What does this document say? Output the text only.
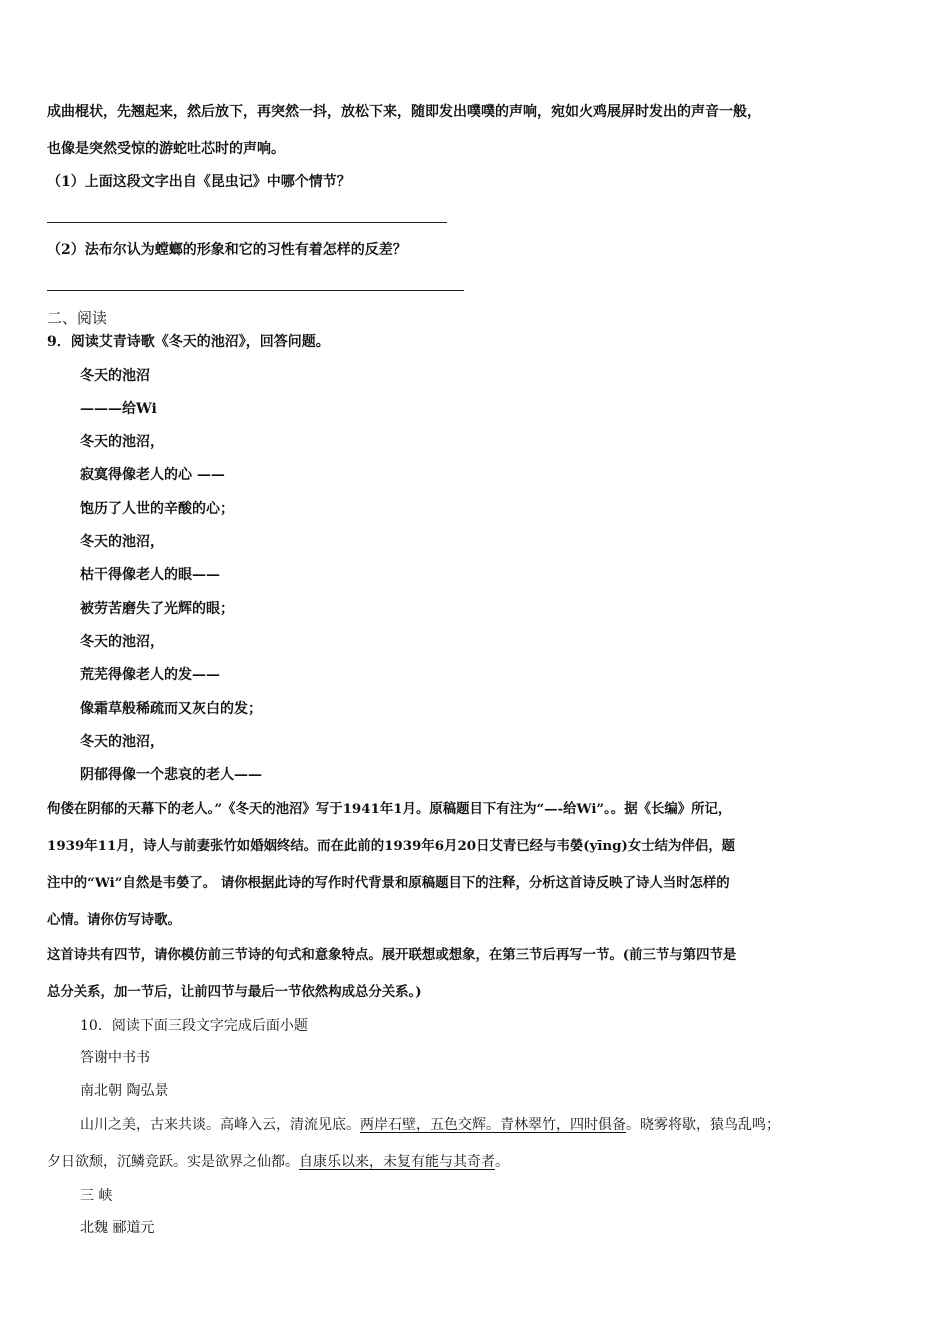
成曲棍状，先翘起来，然后放下，再突然一抖，放松下来，随即发出噗噗的声响，宛如火鸡展屏时发出的声音一般，
也像是突然受惊的游蛇吐芯时的声响。
（1）上面这段文字出自《昆虫记》中哪个情节？
（2）法布尔认为螳螂的形象和它的习性有着怎样的反差？
二、阅读
9．阅读艾青诗歌《冬天的池沼》，回答问题。
冬天的池沼
———给Wi
冬天的池沼，
寂寞得像老人的心 ——
饱历了人世的辛酸的心；
冬天的池沼，
枯干得像老人的眼——
被劳苦磨失了光辉的眼；
冬天的池沼，
荒芜得像老人的发——
像霜草般稀疏而又灰白的发；
冬天的池沼，
阴郁得像一个悲哀的老人——
佝偻在阴郁的天幕下的老人。”《冬天的池沼》写于1941年1月。原稿题目下有注为“—-给Wi”。。据《长编》所记，
1939年11月，诗人与前妻张竹如婚姻终结。而在此前的1939年6月20日艾青已经与韦嫈(yīng)女士结为伴侣，题
注中的“Wi”自然是韦嫈了。 请你根据此诗的写作时代背景和原稿题目下的注释，分析这首诗反映了诗人当时怎样的
心情。请你仿写诗歌。
这首诗共有四节，请你模仿前三节诗的句式和意象特点。展开联想或想象，在第三节后再写一节。(前三节与第四节是
总分关系，加一节后，让前四节与最后一节依然构成总分关系。)
10．阅读下面三段文字完成后面小题
答谢中书书
南北朝 陶弘景
山川之美，古来共谈。高峰入云，清流见底。两岸石壁，五色交辉。青林翠竹，四时俱备。晓雾将歇，猿鸟乱鸣；
夕日欲颓，沉鳞竞跃。实是欲界之仙都。自康乐以来，未复有能与其奇者。
三 峡
北魏 郦道元
